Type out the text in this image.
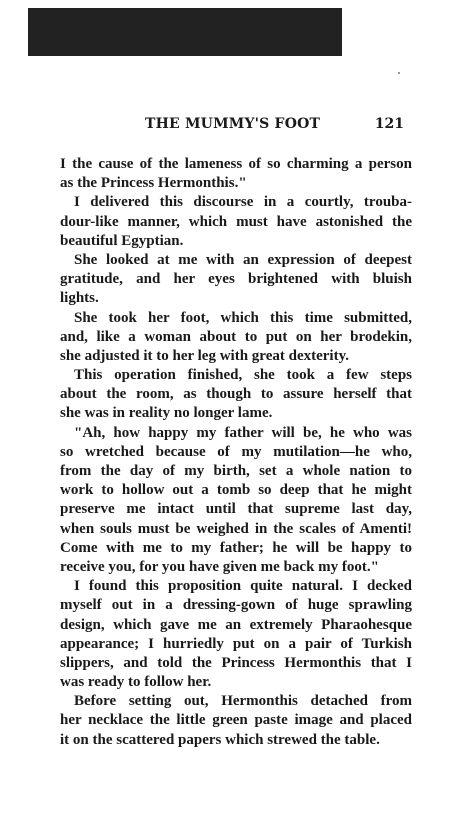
THE MUMMY'S FOOT	121
I the cause of the lameness of so charming a person
as the Princess Hermonthis."
I delivered this discourse in a courtly, trouba-
dour-like manner, which must have astonished the
beautiful Egyptian.
She looked at me with an expression of deepest
gratitude, and her eyes brightened with bluish
lights.
She took her foot, which this time submitted,
and, like a woman about to put on her brodekin,
she adjusted it to her leg with great dexterity.
This operation finished, she took a few steps
about the room, as though to assure herself that
she was in reality no longer lame.
"Ah, how happy my father will be, he who was
so wretched because of my mutilation—he who,
from the day of my birth, set a whole nation to
work to hollow out a tomb so deep that he might
preserve me intact until that supreme last day,
when souls must be weighed in the scales of Amenti!
Come with me to my father; he will be happy to
receive you, for you have given me back my foot."
I found this proposition quite natural. I decked
myself out in a dressing-gown of huge sprawling
design, which gave me an extremely Pharaohesque
appearance; I hurriedly put on a pair of Turkish
slippers, and told the Princess Hermonthis that I
was ready to follow her.
Before setting out, Hermonthis detached from
her necklace the little green paste image and placed
it on the scattered papers which strewed the table.
